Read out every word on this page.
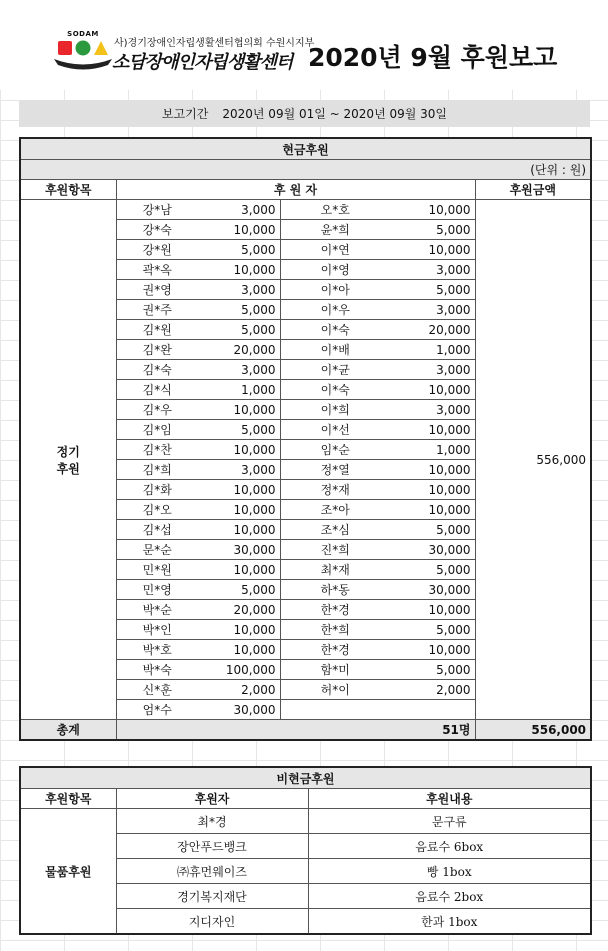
SODAM
사)경기장애인자립생활센터협의회 수원시지부
소담장애인자립생활센터 2020년 9월 후원보고
보고기간 2020년 09월 01일 ~ 2020년 09월 30일
현금후원					
(단위 : 원)					
후원항목	후 원 자				후원금액
정기
후원	강*남	3,000	오*호	10,000	556,000
	강*숙	10,000	윤*희	5,000	
	강*원	5,000	이*연	10,000	
	곽*옥	10,000	이*영	3,000	
	권*영	3,000	이*아	5,000	
	권*주	5,000	이*우	3,000	
	김*원	5,000	이*숙	20,000	
	김*완	20,000	이*배	1,000	
	김*숙	3,000	이*균	3,000	
	김*식	1,000	이*숙	10,000	
	김*우	10,000	이*희	3,000	
	김*임	5,000	이*선	10,000	
	김*찬	10,000	임*순	1,000	
	김*희	3,000	정*열	10,000	
	김*화	10,000	정*재	10,000	
	김*오	10,000	조*아	10,000	
	김*섭	10,000	조*심	5,000	
	문*순	30,000	진*희	30,000	
	민*원	10,000	최*재	5,000	
	민*영	5,000	하*동	30,000	
	박*순	20,000	한*경	10,000	
	박*인	10,000	한*희	5,000	
	박*호	10,000	한*경	10,000	
	박*숙	100,000	함*미	5,000	
	신*훈	2,000	허*이	2,000	
	엄*수	30,000			
총계	51명				556,000
비현금후원		
후원항목	후원자	후원내용
물품후원	최*경	문구류
	장안푸드뱅크	음료수 6box
	㈜휴먼웨이즈	빵 1box
	경기복지재단	음료수 2box
	지디자인	한과 1box
